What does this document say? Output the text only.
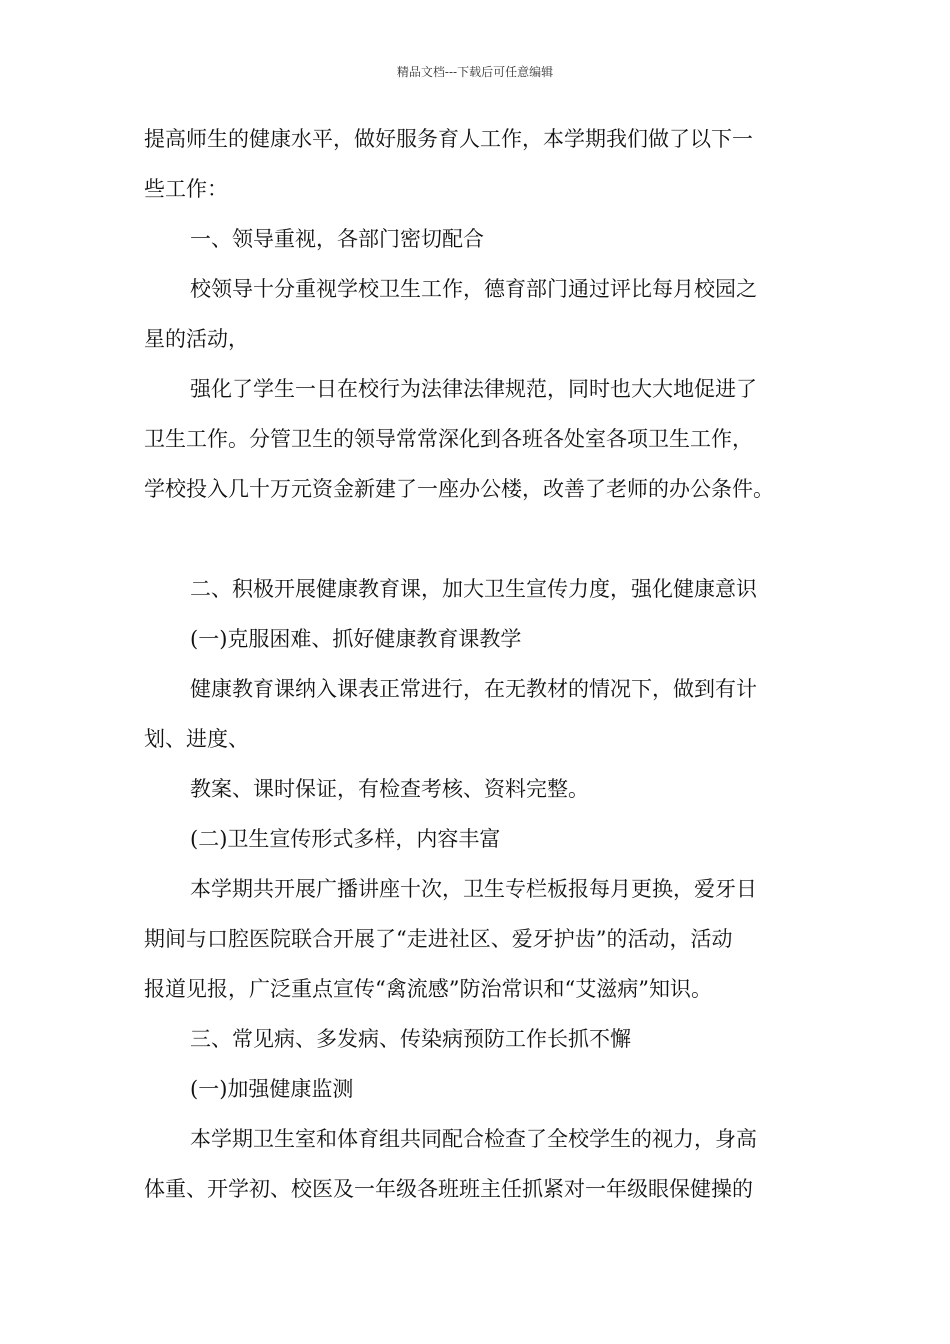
精品文档---下载后可任意编辑
提高师生的健康水平，做好服务育人工作，本学期我们做了以下一
些工作：
一、领导重视，各部门密切配合
校领导十分重视学校卫生工作，德育部门通过评比每月校园之
星的活动，
强化了学生一日在校行为法律法律规范，同时也大大地促进了
卫生工作。分管卫生的领导常常深化到各班各处室各项卫生工作，
学校投入几十万元资金新建了一座办公楼，改善了老师的办公条件。
二、积极开展健康教育课，加大卫生宣传力度，强化健康意识
(一)克服困难、抓好健康教育课教学
健康教育课纳入课表正常进行，在无教材的情况下，做到有计
划、进度、
教案、课时保证，有检查考核、资料完整。
(二)卫生宣传形式多样，内容丰富
本学期共开展广播讲座十次，卫生专栏板报每月更换，爱牙日
期间与口腔医院联合开展了“走进社区、爱牙护齿”的活动，活动
报道见报，广泛重点宣传“禽流感”防治常识和“艾滋病”知识。
三、常见病、多发病、传染病预防工作长抓不懈
(一)加强健康监测
本学期卫生室和体育组共同配合检查了全校学生的视力，身高
体重、开学初、校医及一年级各班班主任抓紧对一年级眼保健操的
